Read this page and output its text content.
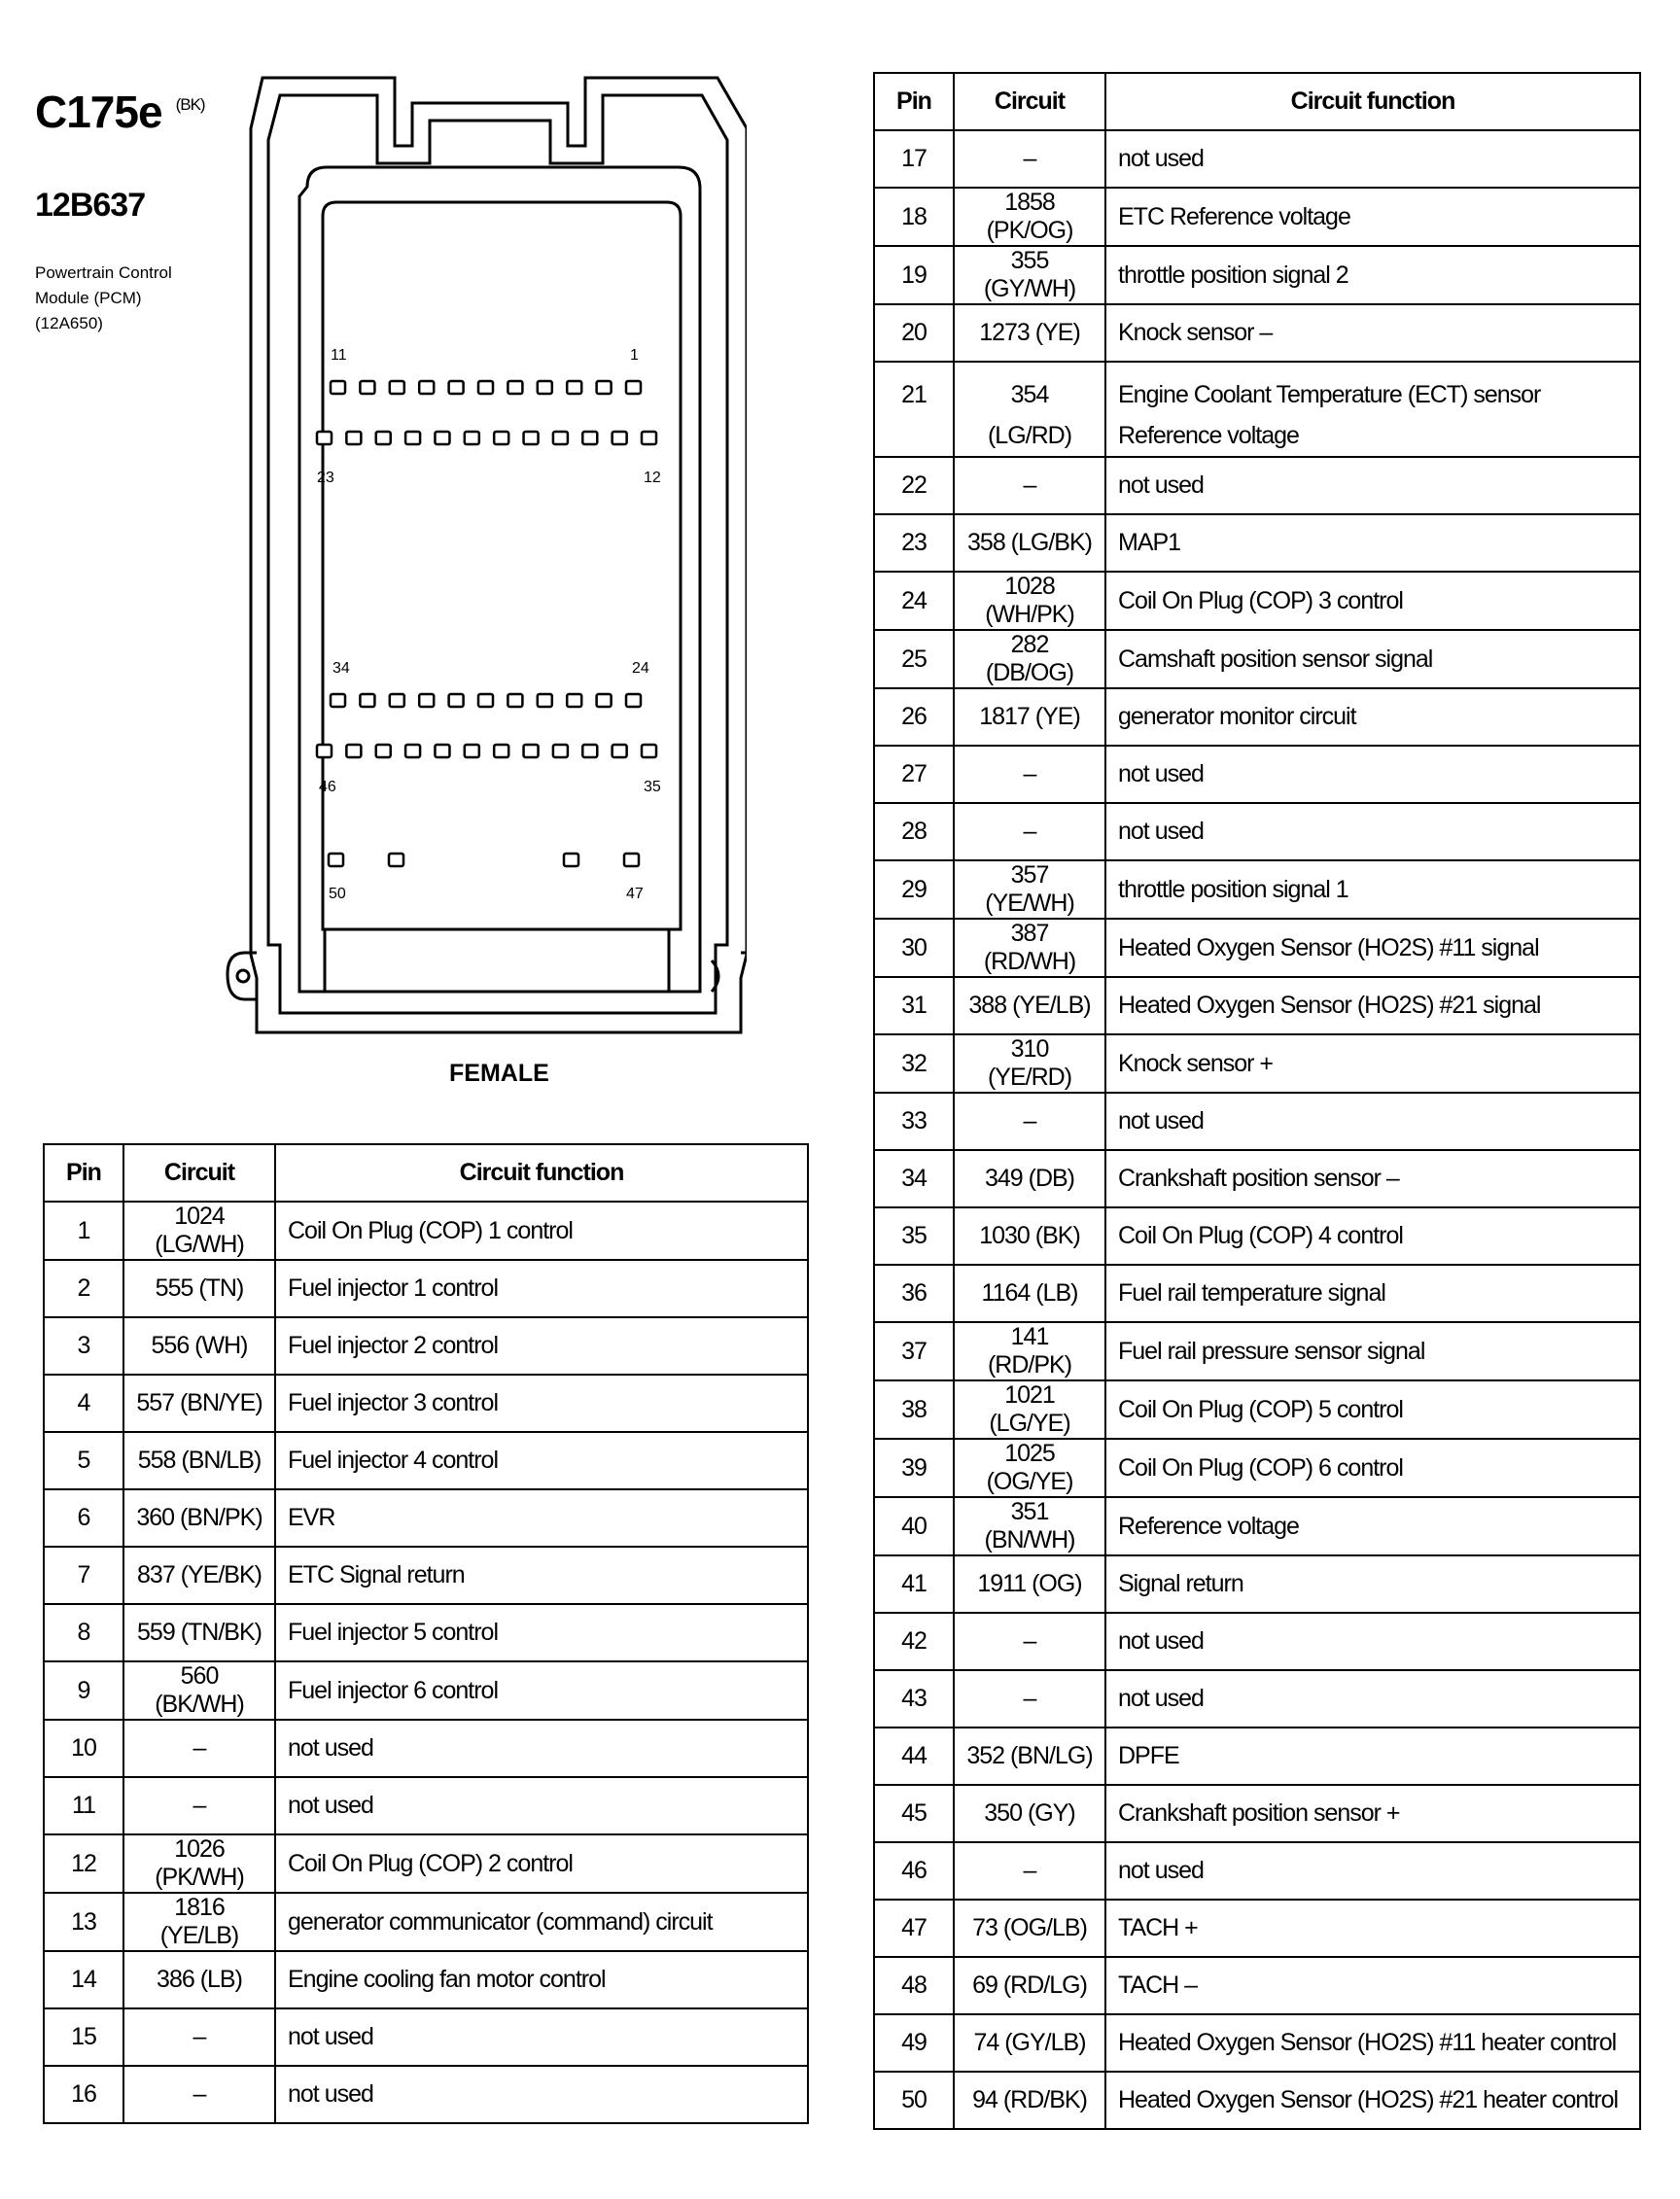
C175e $^{(BK)}$
12B637
Powertrain Control
Module (PCM)
(12A650)
11	1
23	12
34	24
46	35
50	47
FEMALE
Pin	Circuit	Circuit function
1	1024 (LG/WH)	Coil On Plug (COP) 1 control
2	555 (TN)	Fuel injector 1 control
3	556 (WH)	Fuel injector 2 control
4	557 (BN/YE)	Fuel injector 3 control
5	558 (BN/LB)	Fuel injector 4 control
6	360 (BN/PK)	EVR
7	837 (YE/BK)	ETC Signal return
8	559 (TN/BK)	Fuel injector 5 control
9	560 (BK/WH)	Fuel injector 6 control
10	–	not used
11	–	not used
12	1026 (PK/WH)	Coil On Plug (COP) 2 control
13	1816 (YE/LB)	generator communicator (command) circuit
14	386 (LB)	Engine cooling fan motor control
15	–	not used
16	–	not used
Pin	Circuit	Circuit function
17	–	not used
18	1858 (PK/OG)	ETC Reference voltage
19	355 (GY/WH)	throttle position signal 2
20	1273 (YE)	Knock sensor –
21	354 (LG/RD)	Engine Coolant Temperature (ECT) sensor Reference voltage
22	–	not used
23	358 (LG/BK)	MAP1
24	1028 (WH/PK)	Coil On Plug (COP) 3 control
25	282 (DB/OG)	Camshaft position sensor signal
26	1817 (YE)	generator monitor circuit
27	–	not used
28	–	not used
29	357 (YE/WH)	throttle position signal 1
30	387 (RD/WH)	Heated Oxygen Sensor (HO2S) #11 signal
31	388 (YE/LB)	Heated Oxygen Sensor (HO2S) #21 signal
32	310 (YE/RD)	Knock sensor +
33	–	not used
34	349 (DB)	Crankshaft position sensor –
35	1030 (BK)	Coil On Plug (COP) 4 control
36	1164 (LB)	Fuel rail temperature signal
37	141 (RD/PK)	Fuel rail pressure sensor signal
38	1021 (LG/YE)	Coil On Plug (COP) 5 control
39	1025 (OG/YE)	Coil On Plug (COP) 6 control
40	351 (BN/WH)	Reference voltage
41	1911 (OG)	Signal return
42	–	not used
43	–	not used
44	352 (BN/LG)	DPFE
45	350 (GY)	Crankshaft position sensor +
46	–	not used
47	73 (OG/LB)	TACH +
48	69 (RD/LG)	TACH –
49	74 (GY/LB)	Heated Oxygen Sensor (HO2S) #11 heater control
50	94 (RD/BK)	Heated Oxygen Sensor (HO2S) #21 heater control
